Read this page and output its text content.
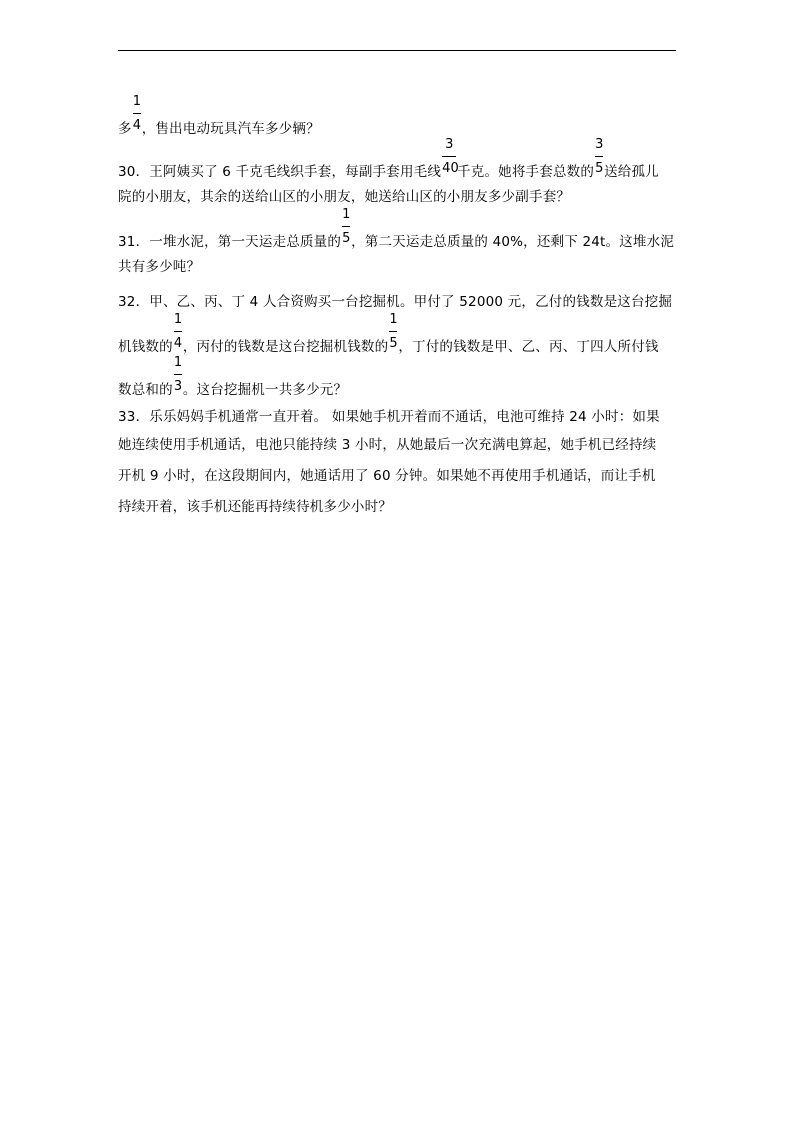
多 $\frac{1}{4}$ ，售出电动玩具汽车多少辆？
30．王阿姨买了 6 千克毛线织手套，每副手套用毛线 $\frac{3}{40}$ 千克。她将手套总数的 $\frac{3}{5}$ 送给孤儿
院的小朋友，其余的送给山区的小朋友，她送给山区的小朋友多少副手套？
31．一堆水泥，第一天运走总质量的 $\frac{1}{5}$ ，第二天运走总质量的 40%，还剩下 24t。这堆水泥
共有多少吨？
32．甲、乙、丙、丁 4 人合资购买一台挖掘机。甲付了 52000 元，乙付的钱数是这台挖掘
机钱数的 $\frac{1}{4}$ ，丙付的钱数是这台挖掘机钱数的 $\frac{1}{5}$ ，丁付的钱数是甲、乙、丙、丁四人所付钱
数总和的 $\frac{1}{3}$ 。这台挖掘机一共多少元？
33．乐乐妈妈手机通常一直开着。 如果她手机开着而不通话，电池可维持 24 小时：如果
她连续使用手机通话，电池只能持续 3 小时，从她最后一次充满电算起，她手机已经持续
开机 9 小时，在这段期间内，她通话用了 60 分钟。如果她不再使用手机通话，而让手机
持续开着，该手机还能再持续待机多少小时？
